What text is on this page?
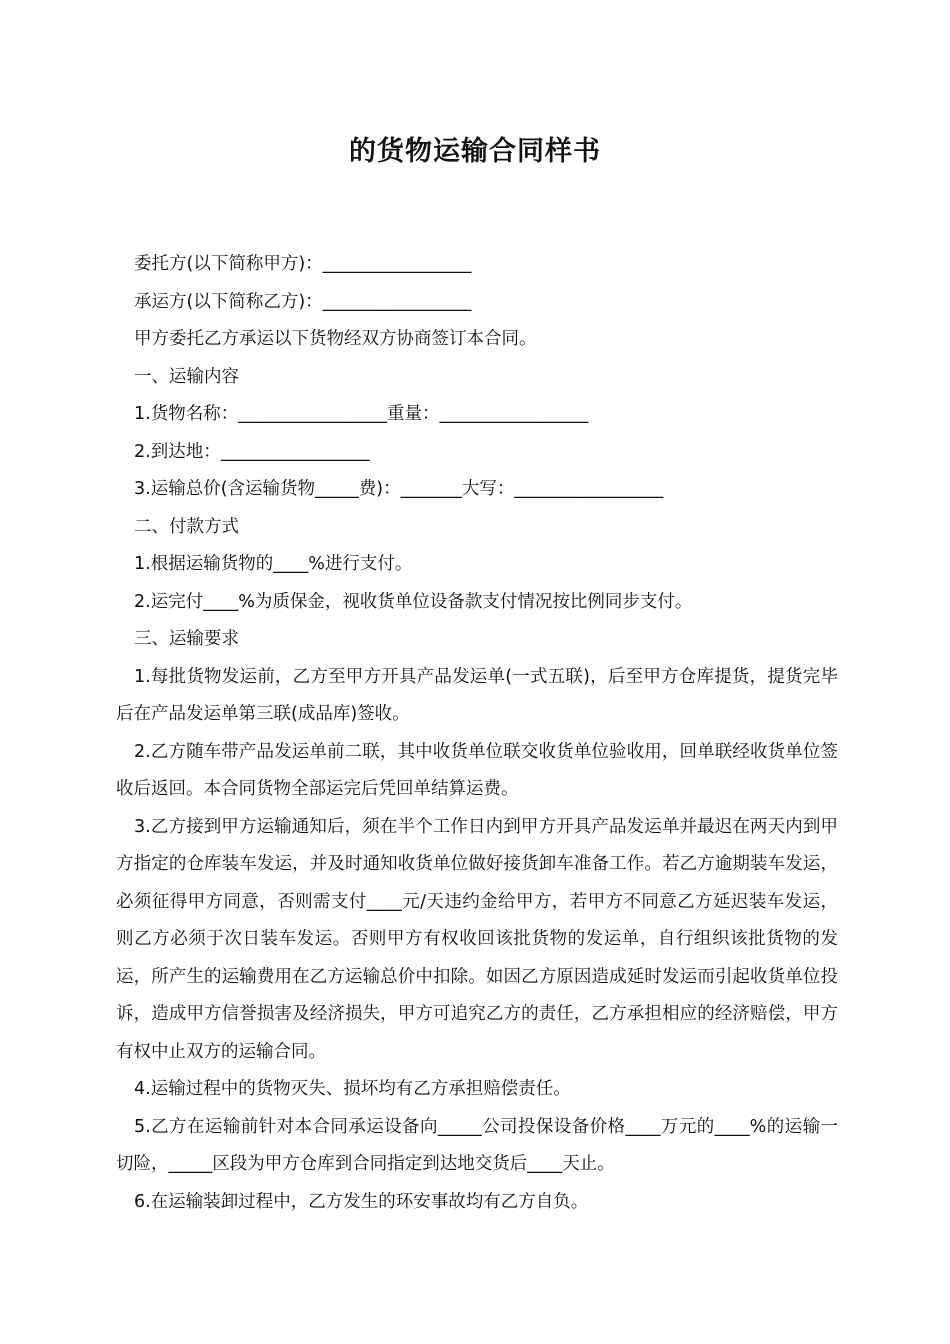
的货物运输合同样书

委托方(以下简称甲方)：_________________

承运方(以下简称乙方)：_________________

甲方委托乙方承运以下货物经双方协商签订本合同。

一、运输内容

1.货物名称：_________________重量：_________________

2.到达地：_________________

3.运输总价(含运输货物_____费)：_______大写：_________________

二、付款方式

1.根据运输货物的____%进行支付。

2.运完付____%为质保金，视收货单位设备款支付情况按比例同步支付。

三、运输要求

1.每批货物发运前，乙方至甲方开具产品发运单(一式五联)，后至甲方仓库提货，提货完毕后在产品发运单第三联(成品库)签收。

2.乙方随车带产品发运单前二联，其中收货单位联交收货单位验收用，回单联经收货单位签收后返回。本合同货物全部运完后凭回单结算运费。

3.乙方接到甲方运输通知后，须在半个工作日内到甲方开具产品发运单并最迟在两天内到甲方指定的仓库装车发运，并及时通知收货单位做好接货卸车准备工作。若乙方逾期装车发运，必须征得甲方同意，否则需支付____元/天违约金给甲方，若甲方不同意乙方延迟装车发运，则乙方必须于次日装车发运。否则甲方有权收回该批货物的发运单，自行组织该批货物的发运，所产生的运输费用在乙方运输总价中扣除。如因乙方原因造成延时发运而引起收货单位投诉，造成甲方信誉损害及经济损失，甲方可追究乙方的责任，乙方承担相应的经济赔偿，甲方有权中止双方的运输合同。

4.运输过程中的货物灭失、损坏均有乙方承担赔偿责任。

5.乙方在运输前针对本合同承运设备向_____公司投保设备价格____万元的____%的运输一切险，_____区段为甲方仓库到合同指定到达地交货后____天止。

6.在运输装卸过程中，乙方发生的环安事故均有乙方自负。
